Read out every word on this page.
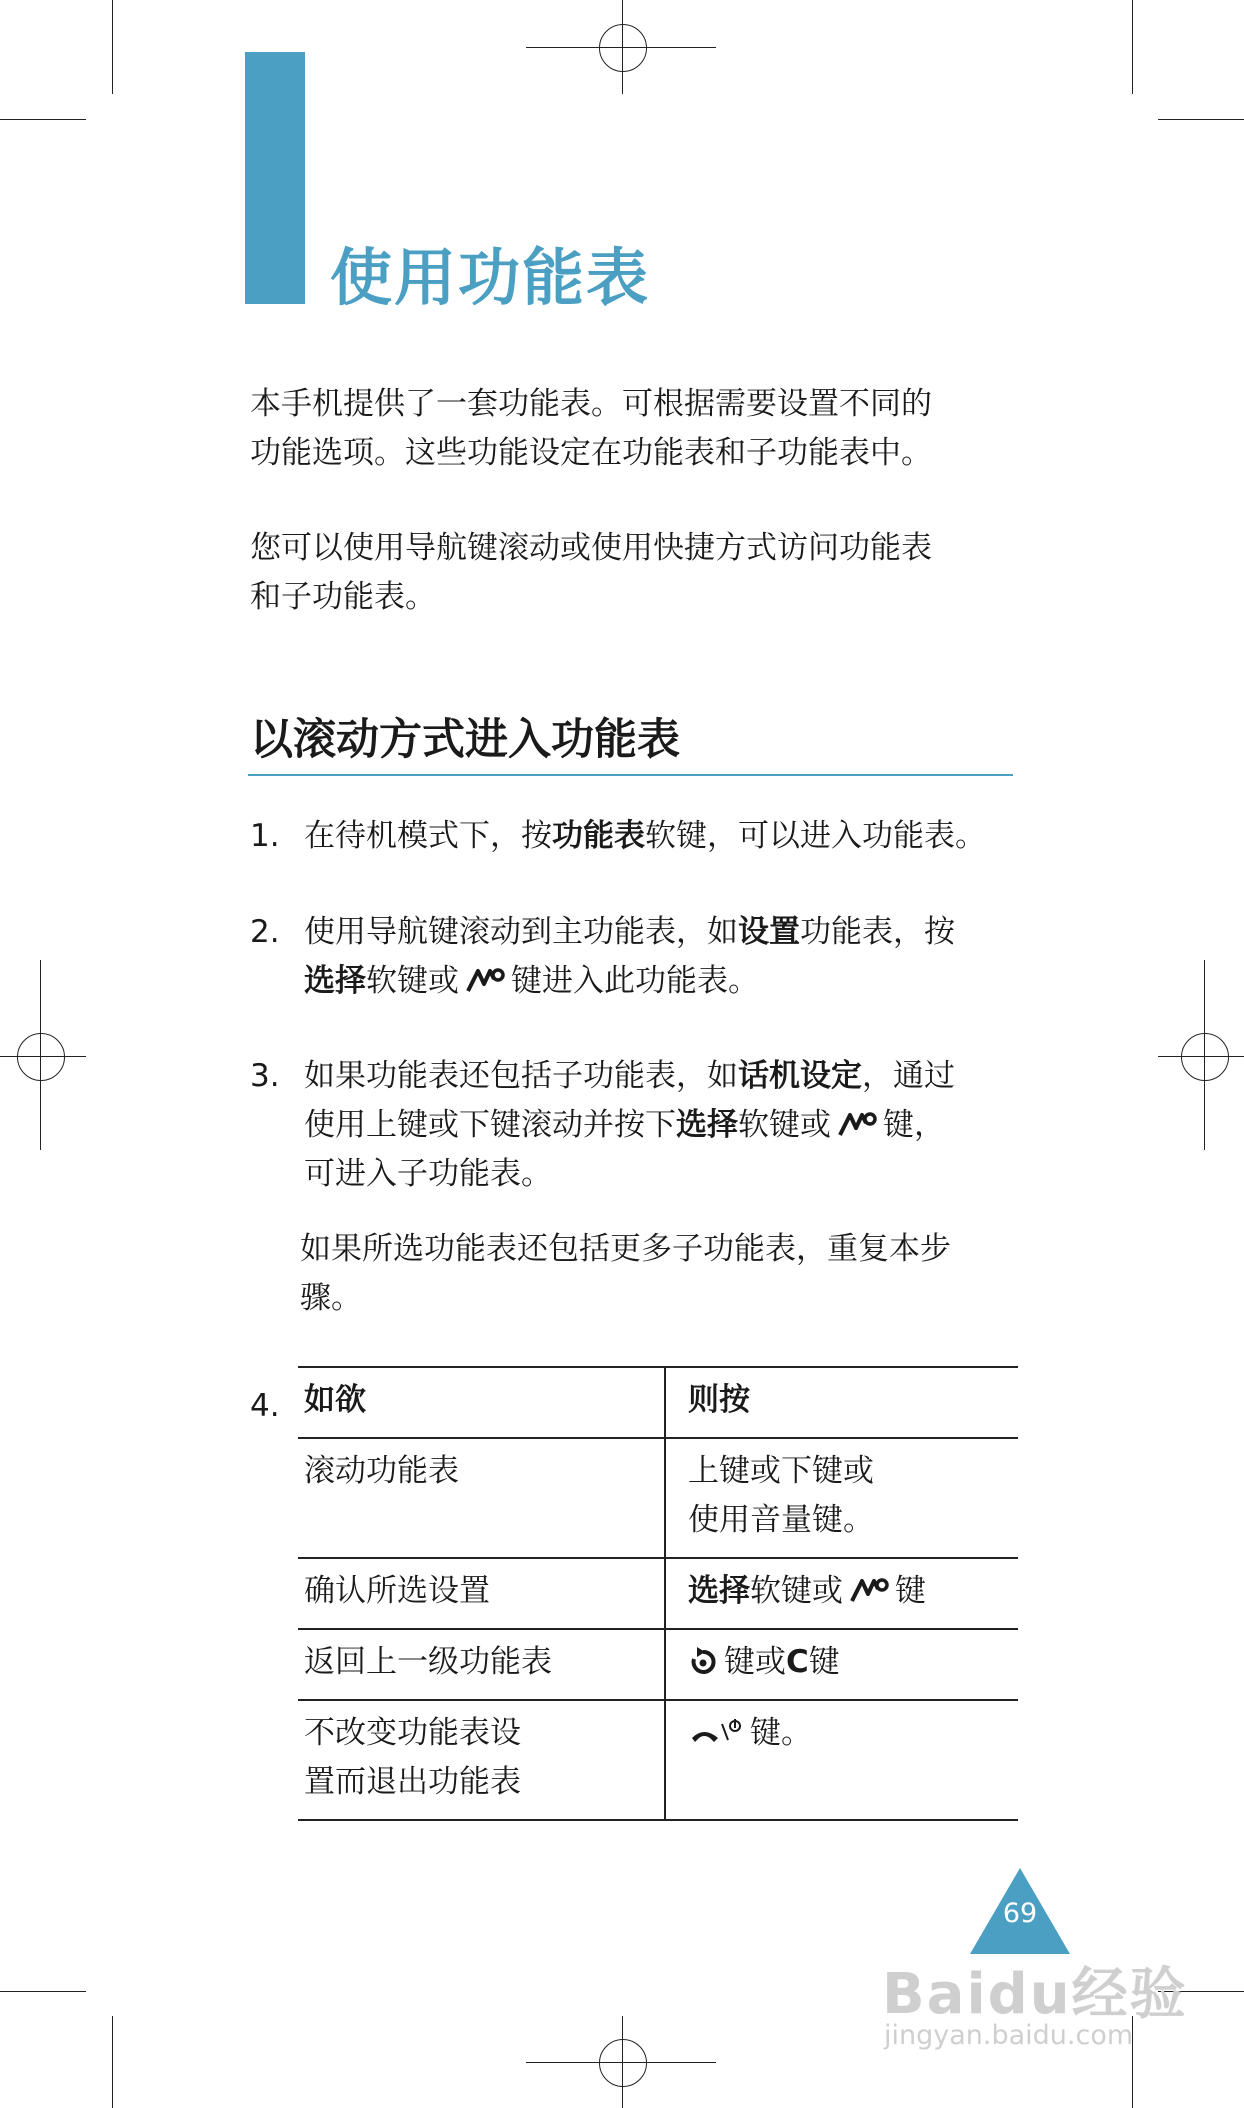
使用功能表
本手机提供了一套功能表。可根据需要设置不同的
功能选项。这些功能设定在功能表和子功能表中。
您可以使用导航键滚动或使用快捷方式访问功能表
和子功能表。
以滚动方式进入功能表
1. 在待机模式下，按功能表软键，可以进入功能表。
2. 使用导航键滚动到主功能表，如设置功能表，按
选择软键或 键进入此功能表。
3. 如果功能表还包括子功能表，如话机设定，通过
使用上键或下键滚动并按下选择软键或 键，
可进入子功能表。
如果所选功能表还包括更多子功能表，重复本步
骤。
4. 如欲	则按

滚动功能表	上键或下键或
使用音量键。

确认所选设置	选择软键或 键

返回上一级功能表	键或C键

不改变功能表设
置而退出功能表	键。
69
Baidu经验
jingyan.baidu.com
